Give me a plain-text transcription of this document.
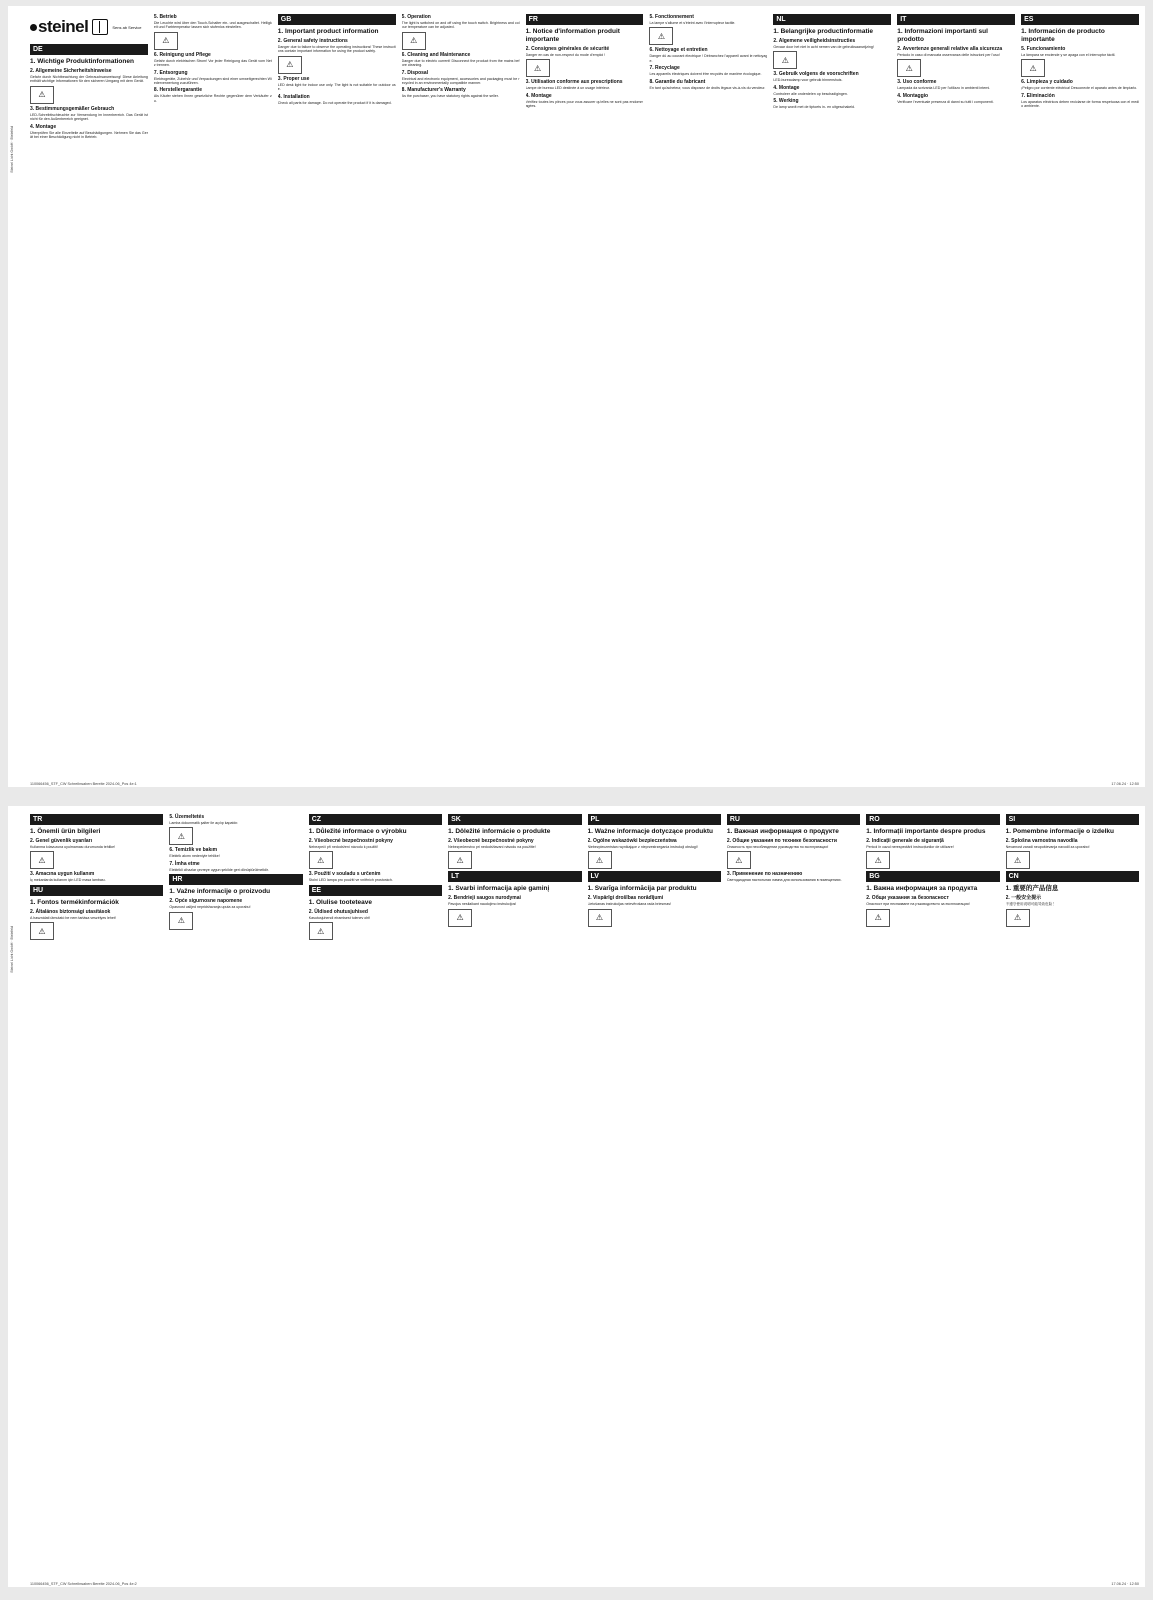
Steinel Licht GmbH · Bielefeld
steinel	Sens ab Service
DE
1. Wichtige Produktinformationen
2. Allgemeine Sicherheitshinweise
Gefahr durch Nichtbeachtung der Gebrauchsanweisung! Diese Anleitung enthält wichtige Informationen für den sicheren Umgang mit dem Gerät.
⚠
3. Bestimmungsgemäßer Gebrauch
LED-Schreibtischleuchte zur Verwendung im Innenbereich. Das Gerät ist nicht für den Außenbereich geeignet.
4. Montage
Überprüfen Sie alle Einzelteile auf Beschädigungen. Nehmen Sie das Gerät bei einer Beschädigung nicht in Betrieb.
5. Betrieb
Die Leuchte wird über den Touch-Schalter ein- und ausgeschaltet. Helligkeit und Farbtemperatur lassen sich stufenlos einstellen.
⚠
6. Reinigung und Pflege
Gefahr durch elektrischen Strom! Vor jeder Reinigung das Gerät vom Netz trennen.
7. Entsorgung
Elektrogeräte, Zubehör und Verpackungen sind einer umweltgerechten Wiederverwertung zuzuführen.
8. Herstellergarantie
Als Käufer stehen Ihnen gesetzliche Rechte gegenüber dem Verkäufer zu.
GB
1. Important product information
2. General safety instructions
Danger due to failure to observe the operating instructions! These instructions contain important information for using the product safely.
⚠
3. Proper use
LED desk light for indoor use only. The light is not suitable for outdoor use.
4. Installation
Check all parts for damage. Do not operate the product if it is damaged.
5. Operation
The light is switched on and off using the touch switch. Brightness and colour temperature can be adjusted.
⚠
6. Cleaning and Maintenance
Danger due to electric current! Disconnect the product from the mains before cleaning.
7. Disposal
Electrical and electronic equipment, accessories and packaging must be recycled in an environmentally compatible manner.
8. Manufacturer's Warranty
As the purchaser, you have statutory rights against the seller.
FR
1. Notice d'information produit importante
2. Consignes générales de sécurité
Danger en cas de non-respect du mode d'emploi !
⚠
3. Utilisation conforme aux prescriptions
Lampe de bureau LED destinée à un usage intérieur.
4. Montage
Vérifiez toutes les pièces pour vous assurer qu'elles ne sont pas endommagées.
5. Fonctionnement
La lampe s'allume et s'éteint avec l'interrupteur tactile.
⚠
6. Nettoyage et entretien
Danger dû au courant électrique ! Débranchez l'appareil avant le nettoyage.
7. Recyclage
Les appareils électriques doivent être recyclés de manière écologique.
8. Garantie du fabricant
En tant qu'acheteur, vous disposez de droits légaux vis-à-vis du vendeur.
NL
1. Belangrijke productinformatie
2. Algemene veiligheidsinstructies
Gevaar door het niet in acht nemen van de gebruiksaanwijzing!
⚠
3. Gebruik volgens de voorschriften
LED-bureaulamp voor gebruik binnenshuis.
4. Montage
Controleer alle onderdelen op beschadigingen.
5. Werking
De lamp wordt met de tiptoets in- en uitgeschakeld.
IT
1. Informazioni importanti sul prodotto
2. Avvertenze generali relative alla sicurezza
Pericolo in caso di mancata osservanza delle istruzioni per l'uso!
⚠
3. Uso conforme
Lampada da scrivania LED per l'utilizzo in ambienti interni.
4. Montaggio
Verificare l'eventuale presenza di danni su tutti i componenti.
ES
1. Información de producto importante
5. Funcionamiento
La lámpara se enciende y se apaga con el interruptor táctil.
⚠
6. Limpieza y cuidado
¡Peligro por corriente eléctrica! Desconecte el aparato antes de limpiarlo.
7. Eliminación
Los aparatos eléctricos deben reciclarse de forma respetuosa con el medio ambiente.
110066456_STF_CW Schreibwaben Bereite 2024-06_Pos 4e:1	17.06.24 · 12:50
Steinel Licht GmbH · Bielefeld
TR
1. Önemli ürün bilgileri
2. Genel güvenlik uyarıları
Kullanma kılavuzuna uyulmaması durumunda tehlike!
⚠
3. Amacına uygun kullanım
İç mekanlarda kullanım için LED masa lambası.
HU
1. Fontos termékinformációk
2. Általános biztonsági utasítások
A használati útmutató be nem tartása veszélyes lehet!
⚠
5. Üzemeltetés
Lamba dokunmatik şalter ile açılıp kapatılır.
⚠
6. Temizlik ve bakım
Elektrik akımı nedeniyle tehlike!
7. İmha etme
Elektrikli cihazlar çevreye uygun şekilde geri dönüştürülmelidir.
HR
1. Važne informacije o proizvodu
2. Opće sigurnosne napomene
Opasnost uslijed nepridržavanja uputa za uporabu!
⚠
CZ
1. Důležité informace o výrobku
2. Všeobecné bezpečnostní pokyny
Nebezpečí při nedodržení návodu k použití!
⚠
3. Použití v souladu s určením
Stolní LED lampa pro použití ve vnitřních prostorách.
EE
1. Olulise tooteteave
2. Üldised ohutusjuhised
Kasutusjuhendi eiramisest tulenev oht!
⚠
SK
1. Dôležité informácie o produkte
2. Všeobecné bezpečnostné pokyny
Nebezpečenstvo pri nedodržiavaní návodu na použitie!
⚠
LT
1. Svarbi informacija apie gaminį
2. Bendrieji saugos nurodymai
Pavojus nesilaikant naudojimo instrukcijos!
⚠
PL
1. Ważne informacje dotyczące produktu
2. Ogólne wskazówki bezpieczeństwa
Niebezpieczeństwo wynikające z nieprzestrzegania instrukcji obsługi!
⚠
LV
1. Svarīga informācija par produktu
2. Vispārīgi drošības norādījumi
Lietošanas instrukcijas neievērošana rada briesmas!
⚠
RU
1. Важная информация о продукте
2. Общие указания по технике безопасности
Опасность при несоблюдении руководства по эксплуатации!
⚠
3. Применение по назначению
Светодиодная настольная лампа для использования в помещениях.
RO
1. Informații importante despre produs
2. Indicații generale de siguranță
Pericol în cazul nerespectării instrucțiunilor de utilizare!
⚠
BG
1. Важна информация за продукта
2. Общи указания за безопасност
Опасност при неспазване на ръководството за експлоатация!
⚠
SI
1. Pomembne informacije o izdelku
2. Splošna varnostna navodila
Nevarnost zaradi neupoštevanja navodil za uporabo!
⚠
CN
1. 重要的产品信息
2. 一般安全提示
不遵守使用说明可能导致危险！
⚠
110066456_STF_CW Schreibwaben Bereite 2024-06_Pos 4e:2	17.06.24 · 12:50
